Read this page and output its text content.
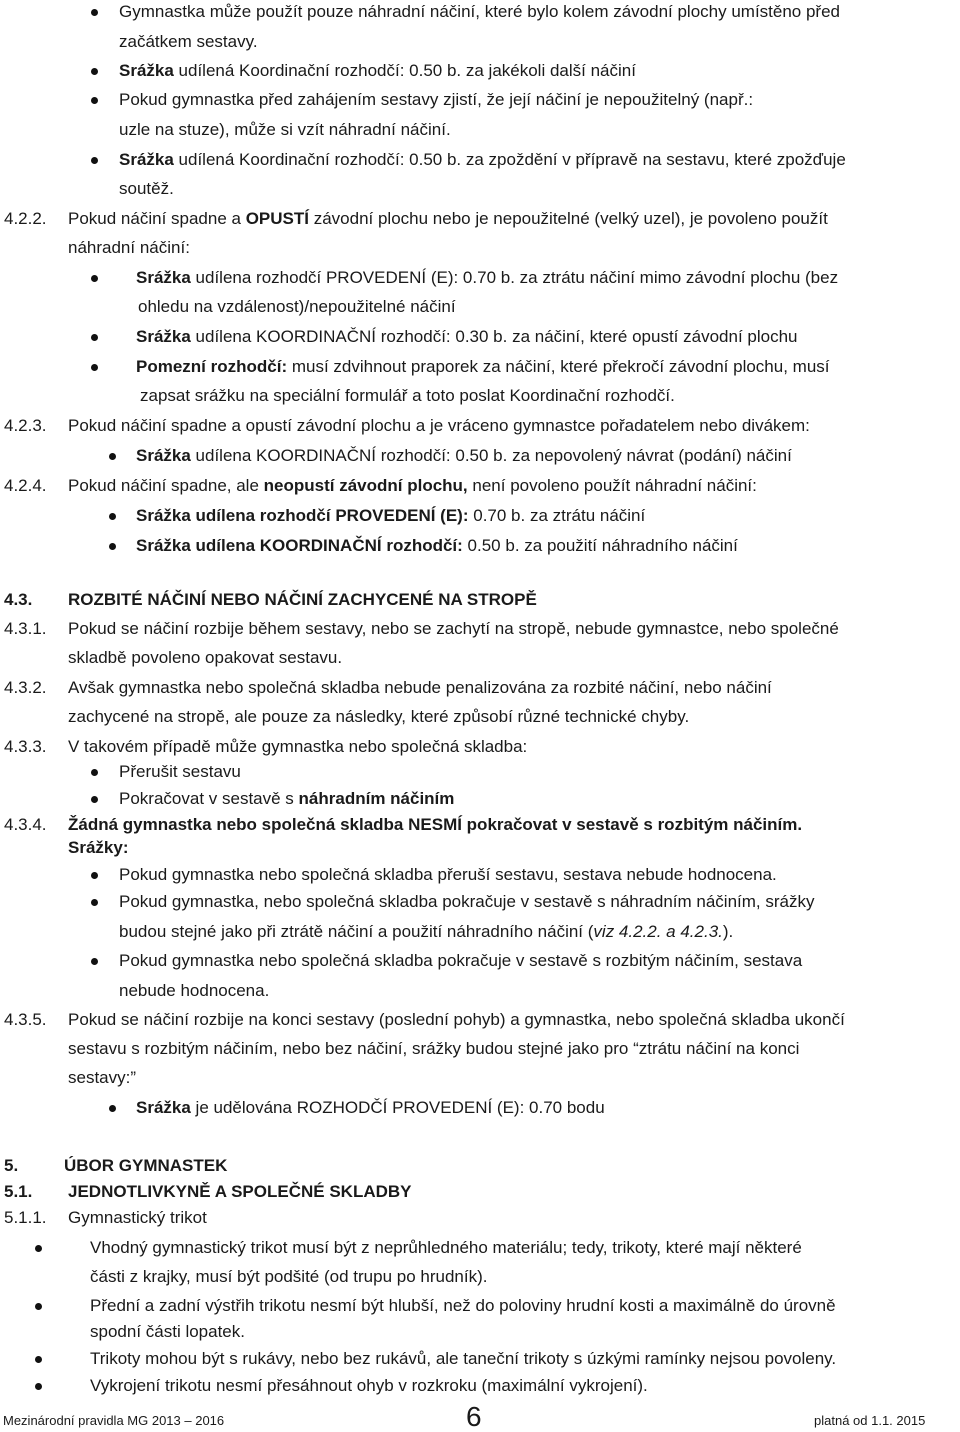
Gymnastka může použít pouze náhradní náčiní, které bylo kolem závodní plochy umístěno před
začátkem sestavy.
Srážka udílená Koordinační rozhodčí: 0.50 b. za jakékoli další náčiní
Pokud gymnastka před zahájením sestavy zjistí, že její náčiní je nepoužitelný (např.:
uzle na stuze), může si vzít náhradní náčiní.
Srážka udílená Koordinační rozhodčí: 0.50 b. za zpoždění v přípravě na sestavu, které zpožďuje
soutěž.
4.2.2. Pokud náčiní spadne a OPUSTÍ závodní plochu nebo je nepoužitelné (velký uzel), je povoleno použít
náhradní náčiní:
Srážka udílena rozhodčí PROVEDENÍ (E): 0.70 b. za ztrátu náčiní mimo závodní plochu (bez
ohledu na vzdálenost)/nepoužitelné náčiní
Srážka udílena KOORDINAČNÍ rozhodčí: 0.30 b. za náčiní, které opustí závodní plochu
Pomezní rozhodčí: musí zdvihnout praporek za náčiní, které překročí závodní plochu, musí
zapsat srážku na speciální formulář a toto poslat Koordinační rozhodčí.
4.2.3. Pokud náčiní spadne a opustí závodní plochu a je vráceno gymnastce pořadatelem nebo divákem:
Srážka udílena KOORDINAČNÍ rozhodčí: 0.50 b. za nepovolený návrat (podání) náčiní
4.2.4. Pokud náčiní spadne, ale neopustí závodní plochu, není povoleno použít náhradní náčiní:
Srážka udílena rozhodčí PROVEDENÍ (E): 0.70 b. za ztrátu náčiní
Srážka udílena KOORDINAČNÍ rozhodčí: 0.50 b. za použití náhradního náčiní
4.3. ROZBITÉ NÁČINÍ NEBO NÁČINÍ ZACHYCENÉ NA STROPĚ
4.3.1. Pokud se náčiní rozbije během sestavy, nebo se zachytí na stropě, nebude gymnastce, nebo společné
skladbě povoleno opakovat sestavu.
4.3.2. Avšak gymnastka nebo společná skladba nebude penalizována za rozbité náčiní, nebo náčiní
zachycené na stropě, ale pouze za následky, které způsobí různé technické chyby.
4.3.3. V takovém případě může gymnastka nebo společná skladba:
Přerušit sestavu
Pokračovat v sestavě s náhradním náčiním
4.3.4. Žádná gymnastka nebo společná skladba NESMÍ pokračovat v sestavě s rozbitým náčiním.
Srážky:
Pokud gymnastka nebo společná skladba přeruší sestavu, sestava nebude hodnocena.
Pokud gymnastka, nebo společná skladba pokračuje v sestavě s náhradním náčiním, srážky
budou stejné jako při ztrátě náčiní a použití náhradního náčiní (viz 4.2.2. a 4.2.3.).
Pokud gymnastka nebo společná skladba pokračuje v sestavě s rozbitým náčiním, sestava
nebude hodnocena.
4.3.5. Pokud se náčiní rozbije na konci sestavy (poslední pohyb) a gymnastka, nebo společná skladba ukončí
sestavu s rozbitým náčiním, nebo bez náčiní, srážky budou stejné jako pro “ztrátu náčiní na konci
sestavy:”
Srážka je udělována ROZHODČÍ PROVEDENÍ (E): 0.70 bodu
5.	ÚBOR GYMNASTEK
5.1. JEDNOTLIVKYNĚ A SPOLEČNÉ SKLADBY
5.1.1. Gymnastický trikot
Vhodný gymnastický trikot musí být z neprůhledného materiálu; tedy, trikoty, které mají některé
části z krajky, musí být podšité (od trupu po hrudník).
Přední a zadní výstřih trikotu nesmí být hlubší, než do poloviny hrudní kosti a maximálně do úrovně
spodní části lopatek.
Trikoty mohou být s rukávy, nebo bez rukávů, ale taneční trikoty s úzkými ramínky nejsou povoleny.
Vykrojení trikotu nesmí přesáhnout ohyb v rozkroku (maximální vykrojení).
Mezinárodní pravidla MG 2013 – 2016	6	platná od 1.1. 2015
